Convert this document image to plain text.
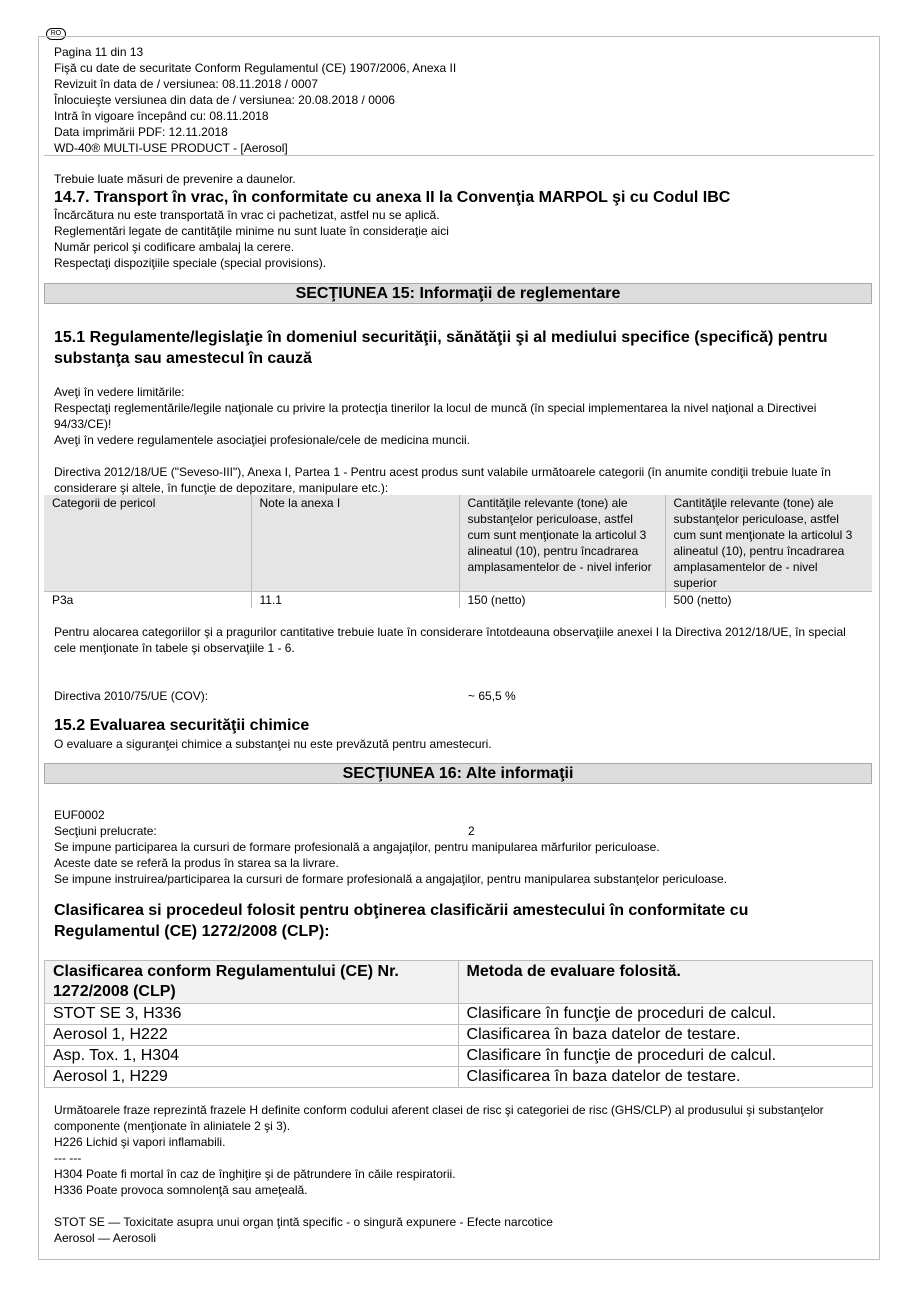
RO
Pagina 11 din 13
Fişă cu date de securitate Conform Regulamentul (CE) 1907/2006, Anexa II
Revizuit în data de / versiunea: 08.11.2018 / 0007
Înlocuieşte versiunea din data de / versiunea: 20.08.2018 / 0006
Intră în vigoare începând cu: 08.11.2018
Data imprimării PDF: 12.11.2018
WD-40® MULTI-USE PRODUCT - [Aerosol]
Trebuie luate măsuri de prevenire a daunelor.
14.7. Transport în vrac, în conformitate cu anexa II la Convenţia MARPOL şi cu Codul IBC
Încărcătura nu este transportată în vrac ci pachetizat, astfel nu se aplică.
Reglementări legate de cantităţile minime nu sunt luate în consideraţie aici
Număr pericol şi codificare ambalaj la cerere.
Respectaţi dispoziţiile speciale (special provisions).
SECŢIUNEA 15: Informaţii de reglementare
15.1 Regulamente/legislaţie în domeniul securităţii, sănătăţii şi al mediului specifice (specifică) pentru substanţa sau amestecul în cauză
Aveţi în vedere limitările:
Respectaţi reglementările/legile naţionale cu privire la protecţia tinerilor la locul de muncă (în special implementarea la nivel naţional a Directivei 94/33/CE)!
Aveţi în vedere regulamentele asociaţiei profesionale/cele de medicina muncii.
Directiva 2012/18/UE ("Seveso-III"), Anexa I, Partea 1 - Pentru acest produs sunt valabile următoarele categorii (în anumite condiţii trebuie luate în considerare şi altele, în funcţie de depozitare, manipulare etc.):
Categorii de pericol	Note la anexa I	Cantităţile relevante (tone) ale substanţelor periculoase, astfel cum sunt menţionate la articolul 3 alineatul (10), pentru încadrarea amplasamentelor de - nivel inferior	Cantităţile relevante (tone) ale substanţelor periculoase, astfel cum sunt menţionate la articolul 3 alineatul (10), pentru încadrarea amplasamentelor de - nivel superior
P3a	11.1	150 (netto)	500 (netto)
Pentru alocarea categoriilor şi a pragurilor cantitative trebuie luate în considerare întotdeauna observaţiile anexei I la Directiva 2012/18/UE, în special cele menţionate în tabele şi observaţiile 1 - 6.
Directiva 2010/75/UE (COV):	~ 65,5 %
15.2 Evaluarea securităţii chimice
O evaluare a siguranţei chimice a substanţei nu este prevăzută pentru amestecuri.
SECŢIUNEA 16: Alte informaţii
EUF0002
Secţiuni prelucrate:	2
Se impune participarea la cursuri de formare profesională a angajaţilor, pentru manipularea mărfurilor periculoase.
Aceste date se referă la produs în starea sa la livrare.
Se impune instruirea/participarea la cursuri de formare profesională a angajaţilor, pentru manipularea substanţelor periculoase.
Clasificarea si procedeul folosit pentru obţinerea clasificării amestecului în conformitate cu Regulamentul (CE) 1272/2008 (CLP):
Clasificarea conform Regulamentului (CE) Nr. 1272/2008 (CLP)	Metoda de evaluare folosită.
STOT SE 3, H336	Clasificare în funcţie de proceduri de calcul.
Aerosol 1, H222	Clasificarea în baza datelor de testare.
Asp. Tox. 1, H304	Clasificare în funcţie de proceduri de calcul.
Aerosol 1, H229	Clasificarea în baza datelor de testare.
Următoarele fraze reprezintă frazele H definite conform codului aferent clasei de risc şi categoriei de risc (GHS/CLP) al produsului şi substanţelor componente (menţionate în aliniatele 2 şi 3).
H226 Lichid şi vapori inflamabili.
--- ---
H304 Poate fi mortal în caz de înghiţire şi de pătrundere în căile respiratorii.
H336 Poate provoca somnolenţă sau ameţeală.
STOT SE — Toxicitate asupra unui organ ţintă specific - o singură expunere - Efecte narcotice
Aerosol — Aerosoli
